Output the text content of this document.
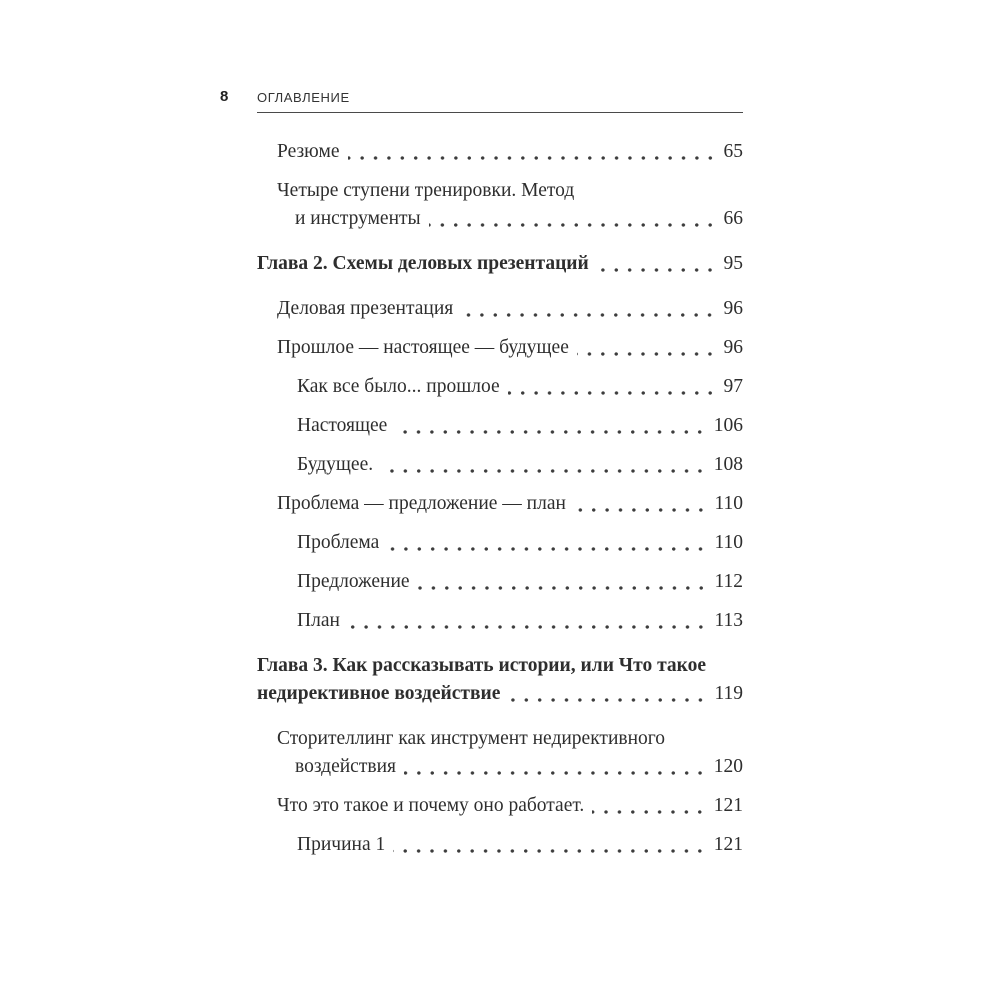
8 ОГЛАВЛЕНИЕ
Резюме	65
Четыре ступени тренировки. Метод
и инструменты	66
Глава 2. Схемы деловых презентаций	95
Деловая презентация	96
Прошлое — настоящее — будущее	96
Как все было... прошлое	97
Настоящее	106
Будущее.	108
Проблема — предложение — план	110
Проблема	110
Предложение	112
План	113
Глава 3. Как рассказывать истории, или Что такое
недирективное воздействие	119
Сторителлинг как инструмент недирективного
воздействия	120
Что это такое и почему оно работает.	121
Причина 1	121
